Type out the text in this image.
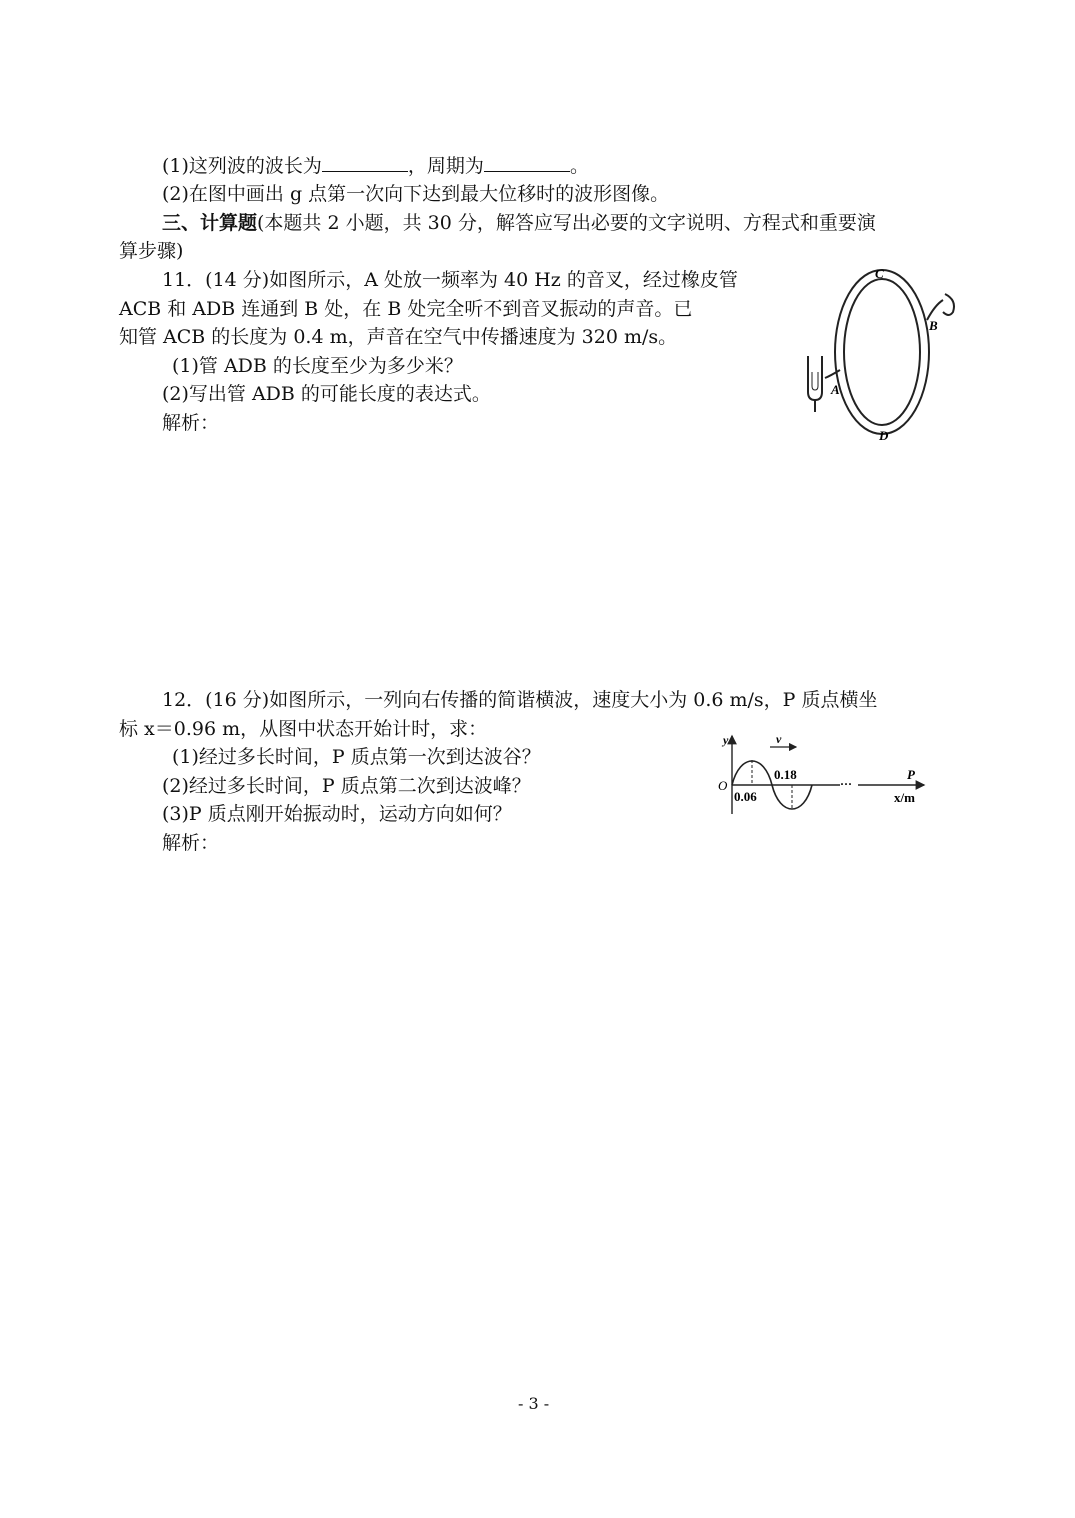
(1)这列波的波长为	，周期为	。
(2)在图中画出 g 点第一次向下达到最大位移时的波形图像。
三、计算题(本题共 2 小题，共 30 分，解答应写出必要的文字说明、方程式和重要演
算步骤)
11．(14 分)如图所示，A 处放一频率为 40 Hz 的音叉，经过橡皮管
ACB 和 ADB 连通到 B 处，在 B 处完全听不到音叉振动的声音。已
知管 ACB 的长度为 0.4 m，声音在空气中传播速度为 320 m/s。
(1)管 ADB 的长度至少为多少米？
(2)写出管 ADB 的可能长度的表达式。
解析：
C
B
A
D
12．(16 分)如图所示，一列向右传播的简谐横波，速度大小为 0.6 m/s，P 质点横坐
标 x＝0.96 m，从图中状态开始计时，求：
(1)经过多长时间，P 质点第一次到达波谷？
(2)经过多长时间，P 质点第二次到达波峰？
(3)P 质点刚开始振动时，运动方向如何？
解析：
y	v
O
0.06
0.18
···
P
x/m
- 3 -
